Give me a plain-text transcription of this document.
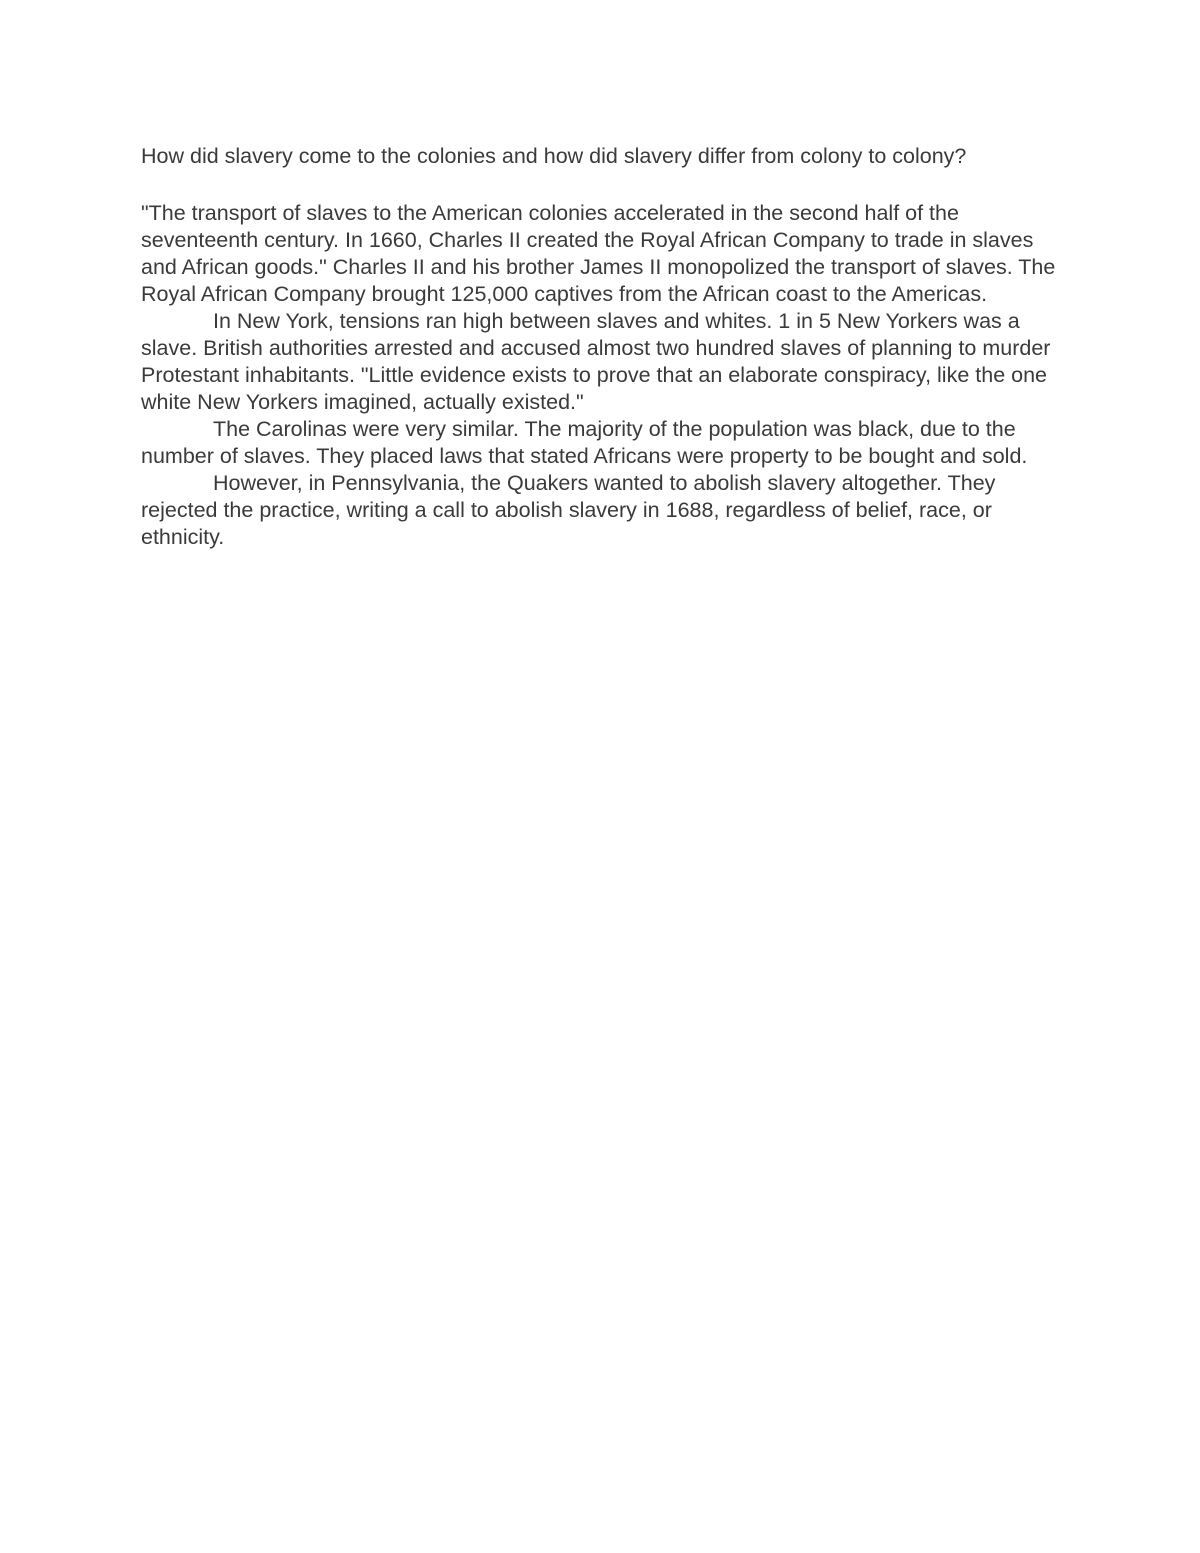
How did slavery come to the colonies and how did slavery differ from colony to colony?

"The transport of slaves to the American colonies accelerated in the second half of the seventeenth century. In 1660, Charles II created the Royal African Company to trade in slaves and African goods." Charles II and his brother James II monopolized the transport of slaves. The Royal African Company brought 125,000 captives from the African coast to the Americas.

In New York, tensions ran high between slaves and whites. 1 in 5 New Yorkers was a slave. British authorities arrested and accused almost two hundred slaves of planning to murder Protestant inhabitants. "Little evidence exists to prove that an elaborate conspiracy, like the one white New Yorkers imagined, actually existed."

The Carolinas were very similar. The majority of the population was black, due to the number of slaves. They placed laws that stated Africans were property to be bought and sold.

However, in Pennsylvania, the Quakers wanted to abolish slavery altogether. They rejected the practice, writing a call to abolish slavery in 1688, regardless of belief, race, or ethnicity.
